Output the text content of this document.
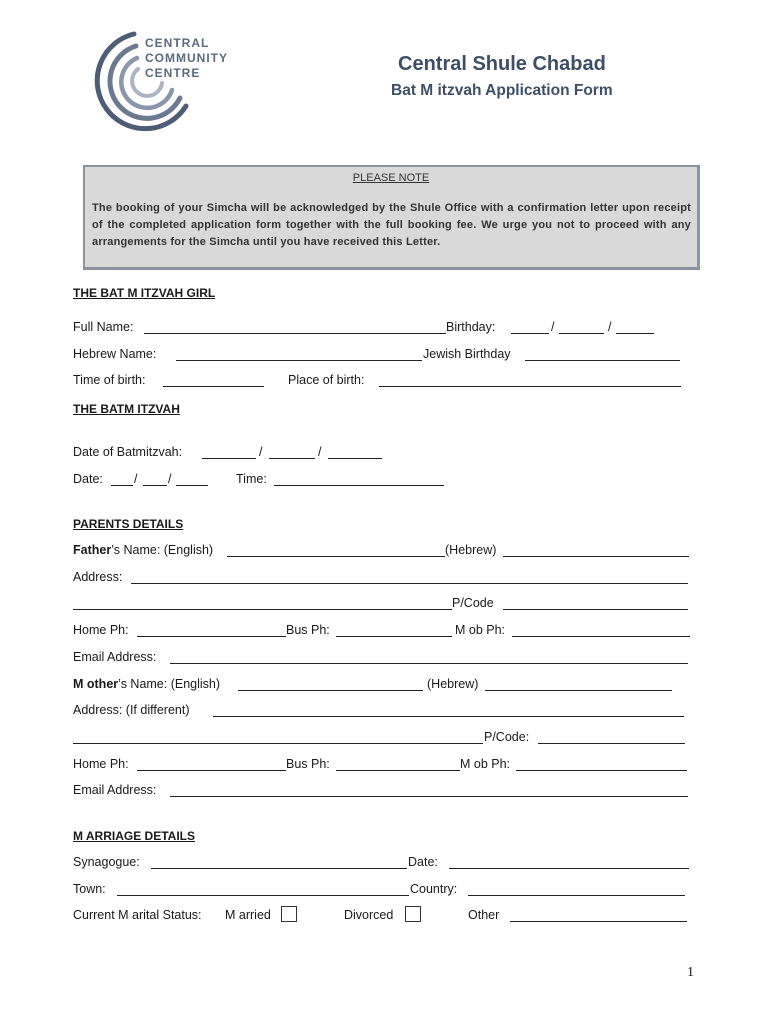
CENTRAL
COMMUNITY
CENTRE	Central Shule Chabad
Bat M itzvah Application Form
PLEASE NOTE
The booking of your Simcha will be acknowledged by the Shule Office with a confirmation letter upon receipt of the completed application form together with the full booking fee. We urge you not to proceed with any arrangements for the Simcha until you have received this Letter.
THE BAT M ITZVAH GIRL
Full Name:	Birthday:	/	/
Hebrew Name:	Jewish Birthday
Time of birth:	Place of birth:
THE BATM ITZVAH
Date of Batmitzvah:	/	/
Date: / /	Time:
PARENTS DETAILS
Father’s Name: (English)	(Hebrew)
Address:
P/Code
Home Ph:	Bus Ph:	M ob Ph:
Email Address:
M other’s Name: (English)	(Hebrew)
Address: (If different)
P/Code:
Home Ph:	Bus Ph:	M ob Ph:
Email Address:
M ARRIAGE DETAILS
Synagogue:	Date:
Town:	Country:
Current M arital Status: M arried	Divorced	Other
1
